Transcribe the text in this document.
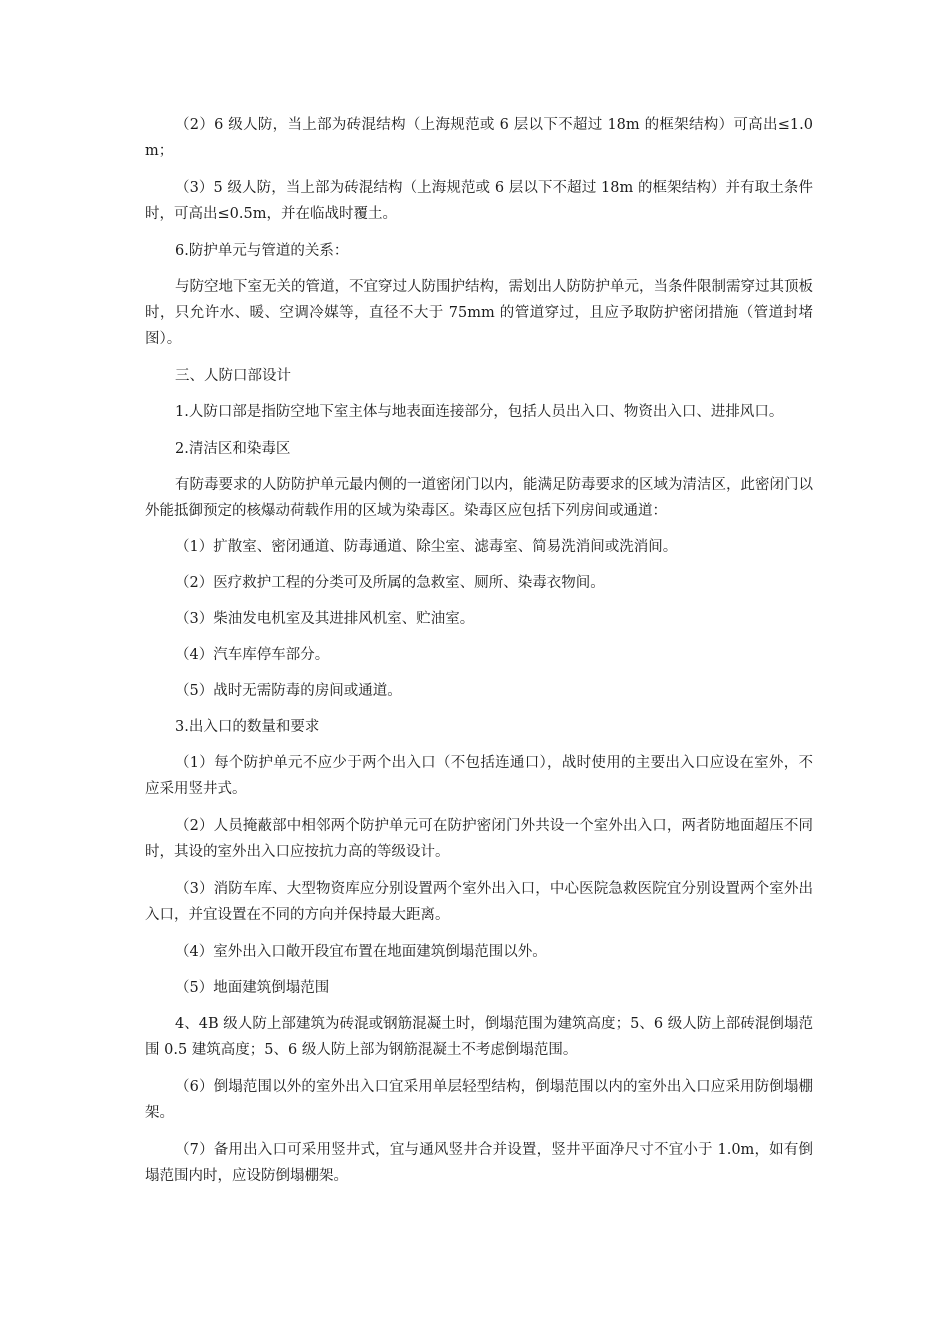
（2）6 级人防，当上部为砖混结构（上海规范或 6 层以下不超过 18m 的框架结构）可高出≤1.0m；

（3）5 级人防，当上部为砖混结构（上海规范或 6 层以下不超过 18m 的框架结构）并有取土条件时，可高出≤0.5m，并在临战时覆土。

6.防护单元与管道的关系：

与防空地下室无关的管道，不宜穿过人防围护结构，需划出人防防护单元，当条件限制需穿过其顶板时，只允许水、暖、空调冷媒等，直径不大于 75mm 的管道穿过，且应予取防护密闭措施（管道封堵图）。

三、人防口部设计

1.人防口部是指防空地下室主体与地表面连接部分，包括人员出入口、物资出入口、进排风口。

2.清洁区和染毒区

有防毒要求的人防防护单元最内侧的一道密闭门以内，能满足防毒要求的区域为清洁区，此密闭门以外能抵御预定的核爆动荷载作用的区域为染毒区。染毒区应包括下列房间或通道：

（1）扩散室、密闭通道、防毒通道、除尘室、滤毒室、简易洗消间或洗消间。

（2）医疗救护工程的分类可及所属的急救室、厕所、染毒衣物间。

（3）柴油发电机室及其进排风机室、贮油室。

（4）汽车库停车部分。

（5）战时无需防毒的房间或通道。

3.出入口的数量和要求

（1）每个防护单元不应少于两个出入口（不包括连通口），战时使用的主要出入口应设在室外，不应采用竖井式。

（2）人员掩蔽部中相邻两个防护单元可在防护密闭门外共设一个室外出入口，两者防地面超压不同时，其设的室外出入口应按抗力高的等级设计。

（3）消防车库、大型物资库应分别设置两个室外出入口，中心医院急救医院宜分别设置两个室外出入口，并宜设置在不同的方向并保持最大距离。

（4）室外出入口敞开段宜布置在地面建筑倒塌范围以外。

（5）地面建筑倒塌范围

4、4B 级人防上部建筑为砖混或钢筋混凝土时，倒塌范围为建筑高度；5、6 级人防上部砖混倒塌范围 0.5 建筑高度；5、6 级人防上部为钢筋混凝土不考虑倒塌范围。

（6）倒塌范围以外的室外出入口宜采用单层轻型结构，倒塌范围以内的室外出入口应采用防倒塌棚架。

（7）备用出入口可采用竖井式，宜与通风竖井合并设置，竖井平面净尺寸不宜小于 1.0m，如有倒塌范围内时，应设防倒塌棚架。
